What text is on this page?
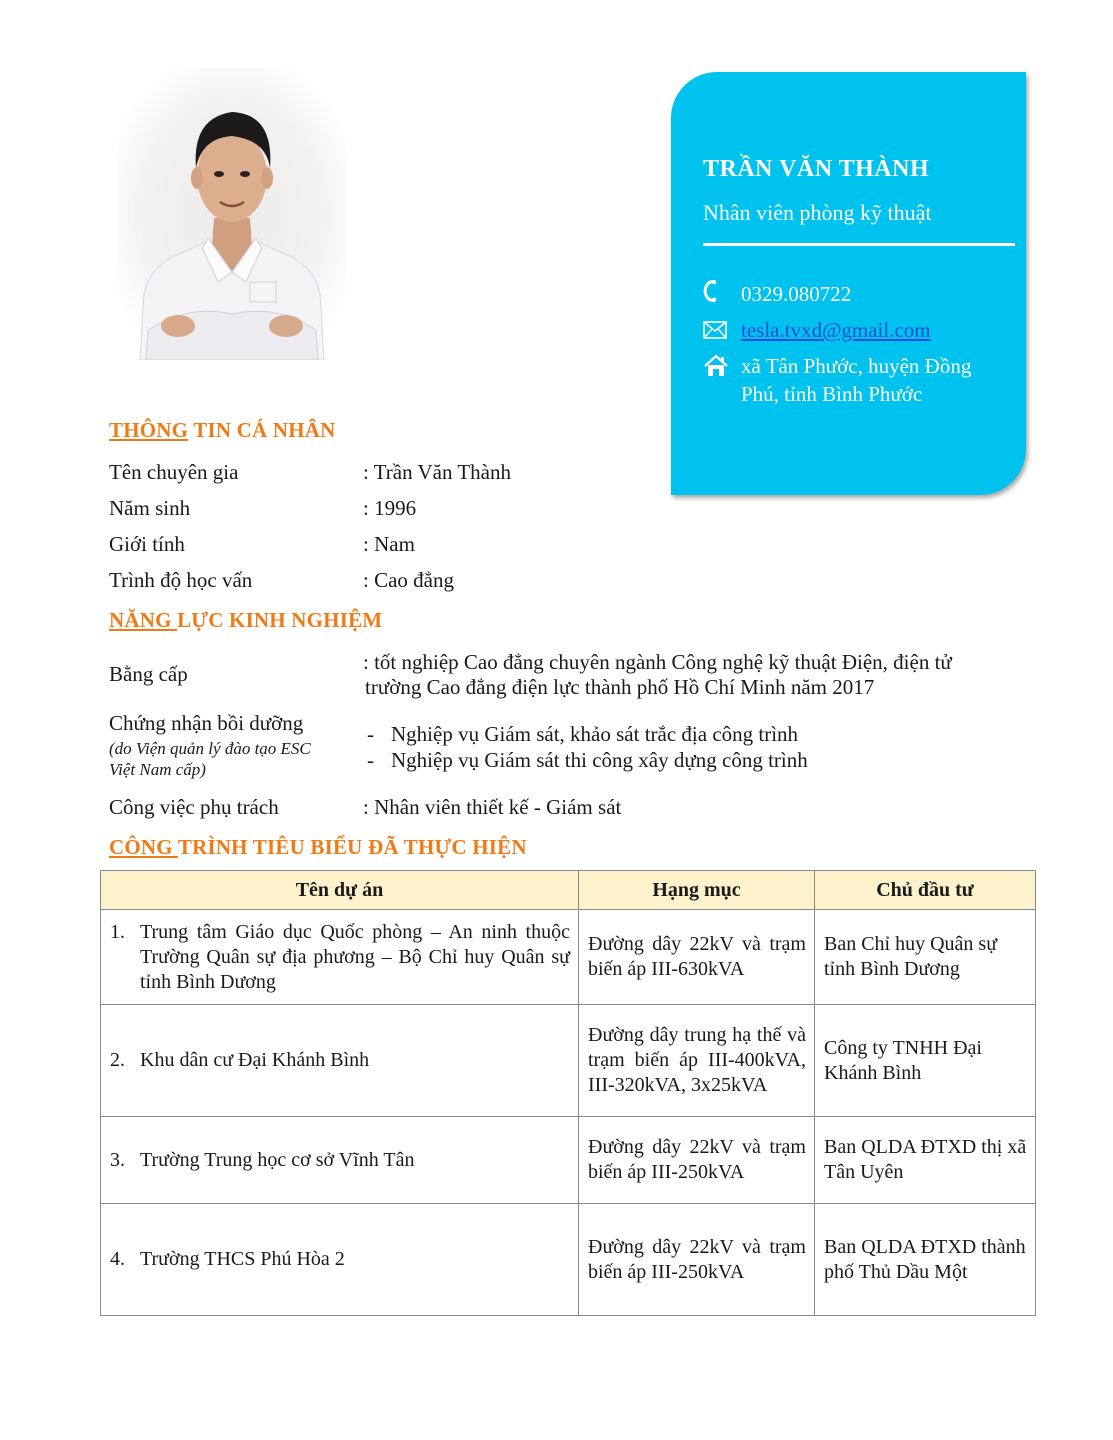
TRẦN VĂN THÀNH
Nhân viên phòng kỹ thuật
0329.080722
tesla.tvxd@gmail.com
xã Tân Phước, huyện Đồng Phú, tỉnh Bình Phước
THÔNG TIN CÁ NHÂN
Tên chuyên gia	: Trần Văn Thành
Năm sinh	: 1996
Giới tính	: Nam
Trình độ học vấn	: Cao đẳng
NĂNG LỰC KINH NGHIỆM
Bằng cấp	: tốt nghiệp Cao đẳng chuyên ngành Công nghệ kỹ thuật Điện, điện tử
trường Cao đẳng điện lực thành phố Hồ Chí Minh năm 2017
Chứng nhận bồi dưỡng
(do Viện quản lý đào tạo ESC
Việt Nam cấp)
- Nghiệp vụ Giám sát, khảo sát trắc địa công trình
- Nghiệp vụ Giám sát thi công xây dựng công trình
Công việc phụ trách	: Nhân viên thiết kế - Giám sát
CÔNG TRÌNH TIÊU BIỂU ĐÃ THỰC HIỆN
Tên dự án	Hạng mục	Chủ đầu tư

1. Trung tâm Giáo dục Quốc phòng – An ninh thuộc Trường Quân sự địa phương – Bộ Chỉ huy Quân sự tỉnh Bình Dương	Đường dây 22kV và trạm biến áp III-630kVA	Ban Chỉ huy Quân sự tỉnh Bình Dương

2. Khu dân cư Đại Khánh Bình	Đường dây trung hạ thế và trạm biến áp III-400kVA, III-320kVA, 3x25kVA	Công ty TNHH Đại Khánh Bình

3. Trường Trung học cơ sở Vĩnh Tân	Đường dây 22kV và trạm biến áp III-250kVA	Ban QLDA ĐTXD thị xã Tân Uyên

4. Trường THCS Phú Hòa 2	Đường dây 22kV và trạm biến áp III-250kVA	Ban QLDA ĐTXD thành phố Thủ Dầu Một
